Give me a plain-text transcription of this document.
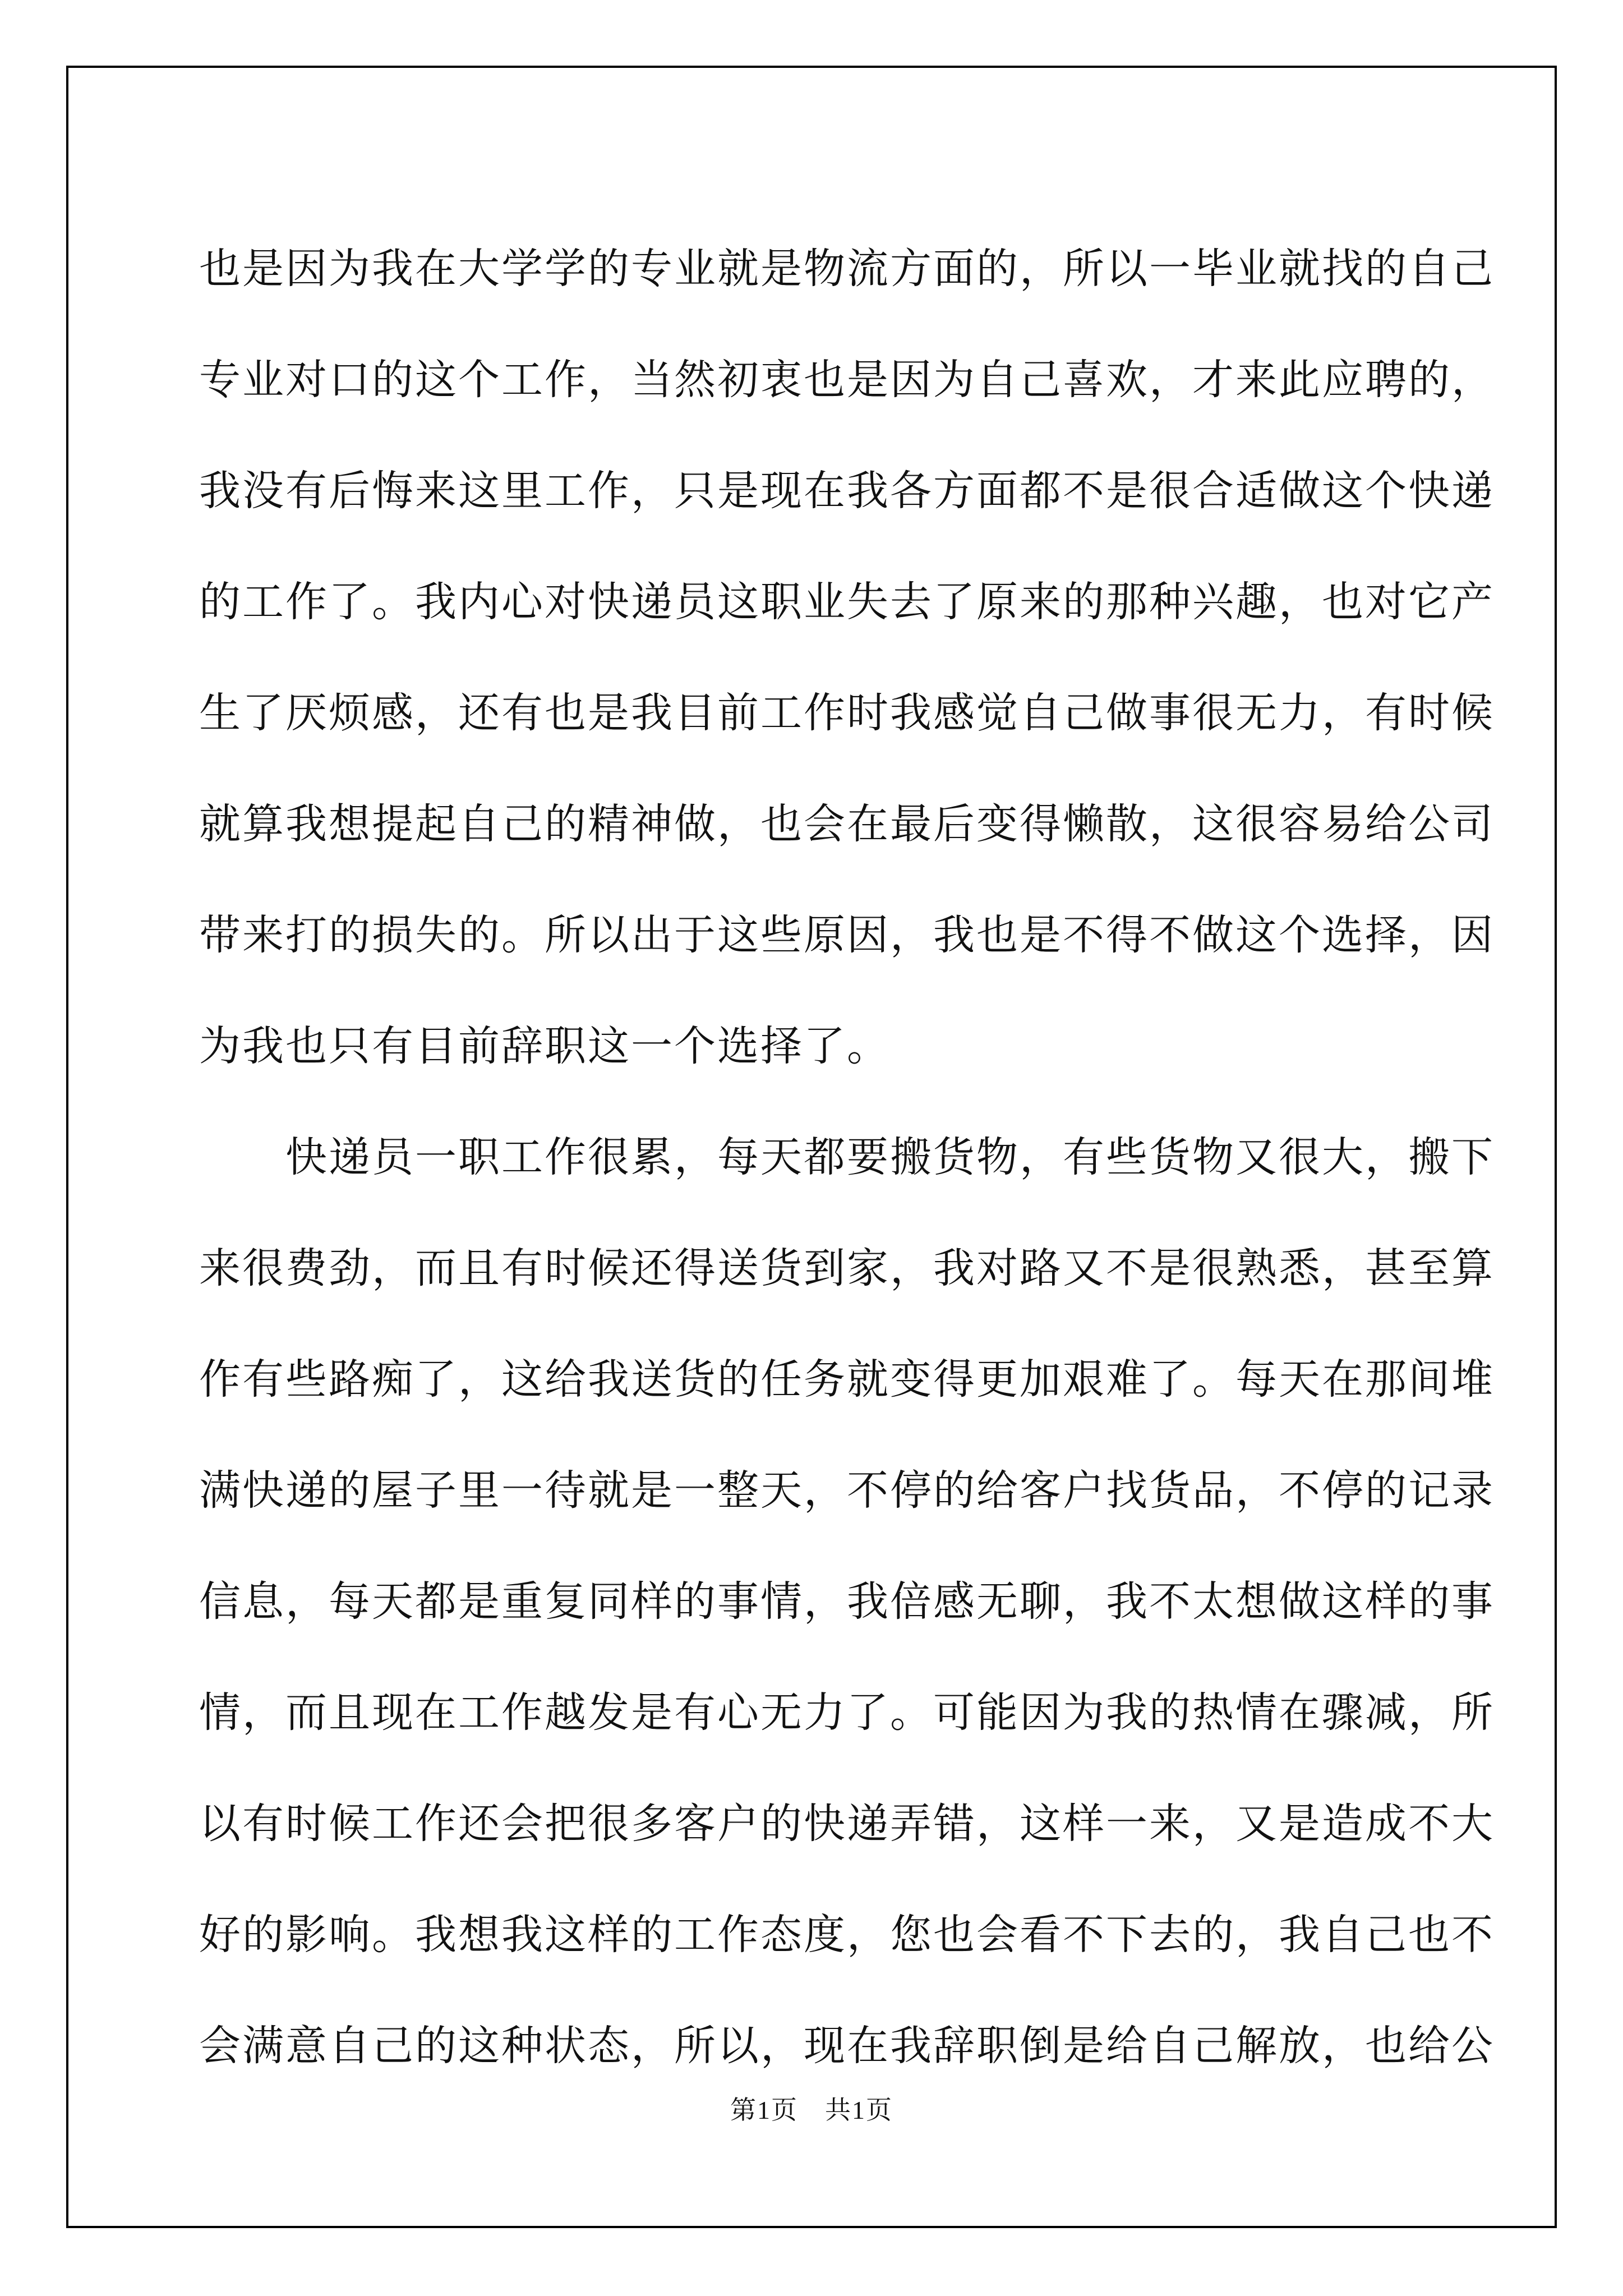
也是因为我在大学学的专业就是物流方面的，所以一毕业就找的自己
专业对口的这个工作，当然初衷也是因为自己喜欢，才来此应聘的，
我没有后悔来这里工作，只是现在我各方面都不是很合适做这个快递
的工作了。我内心对快递员这职业失去了原来的那种兴趣，也对它产
生了厌烦感，还有也是我目前工作时我感觉自己做事很无力，有时候
就算我想提起自己的精神做，也会在最后变得懒散，这很容易给公司
带来打的损失的。所以出于这些原因，我也是不得不做这个选择，因
为我也只有目前辞职这一个选择了。
　　快递员一职工作很累，每天都要搬货物，有些货物又很大，搬下
来很费劲，而且有时候还得送货到家，我对路又不是很熟悉，甚至算
作有些路痴了，这给我送货的任务就变得更加艰难了。每天在那间堆
满快递的屋子里一待就是一整天，不停的给客户找货品，不停的记录
信息，每天都是重复同样的事情，我倍感无聊，我不太想做这样的事
情，而且现在工作越发是有心无力了。可能因为我的热情在骤减，所
以有时候工作还会把很多客户的快递弄错，这样一来，又是造成不大
好的影响。我想我这样的工作态度，您也会看不下去的，我自己也不
会满意自己的这种状态，所以，现在我辞职倒是给自己解放，也给公
第1页　共1页
